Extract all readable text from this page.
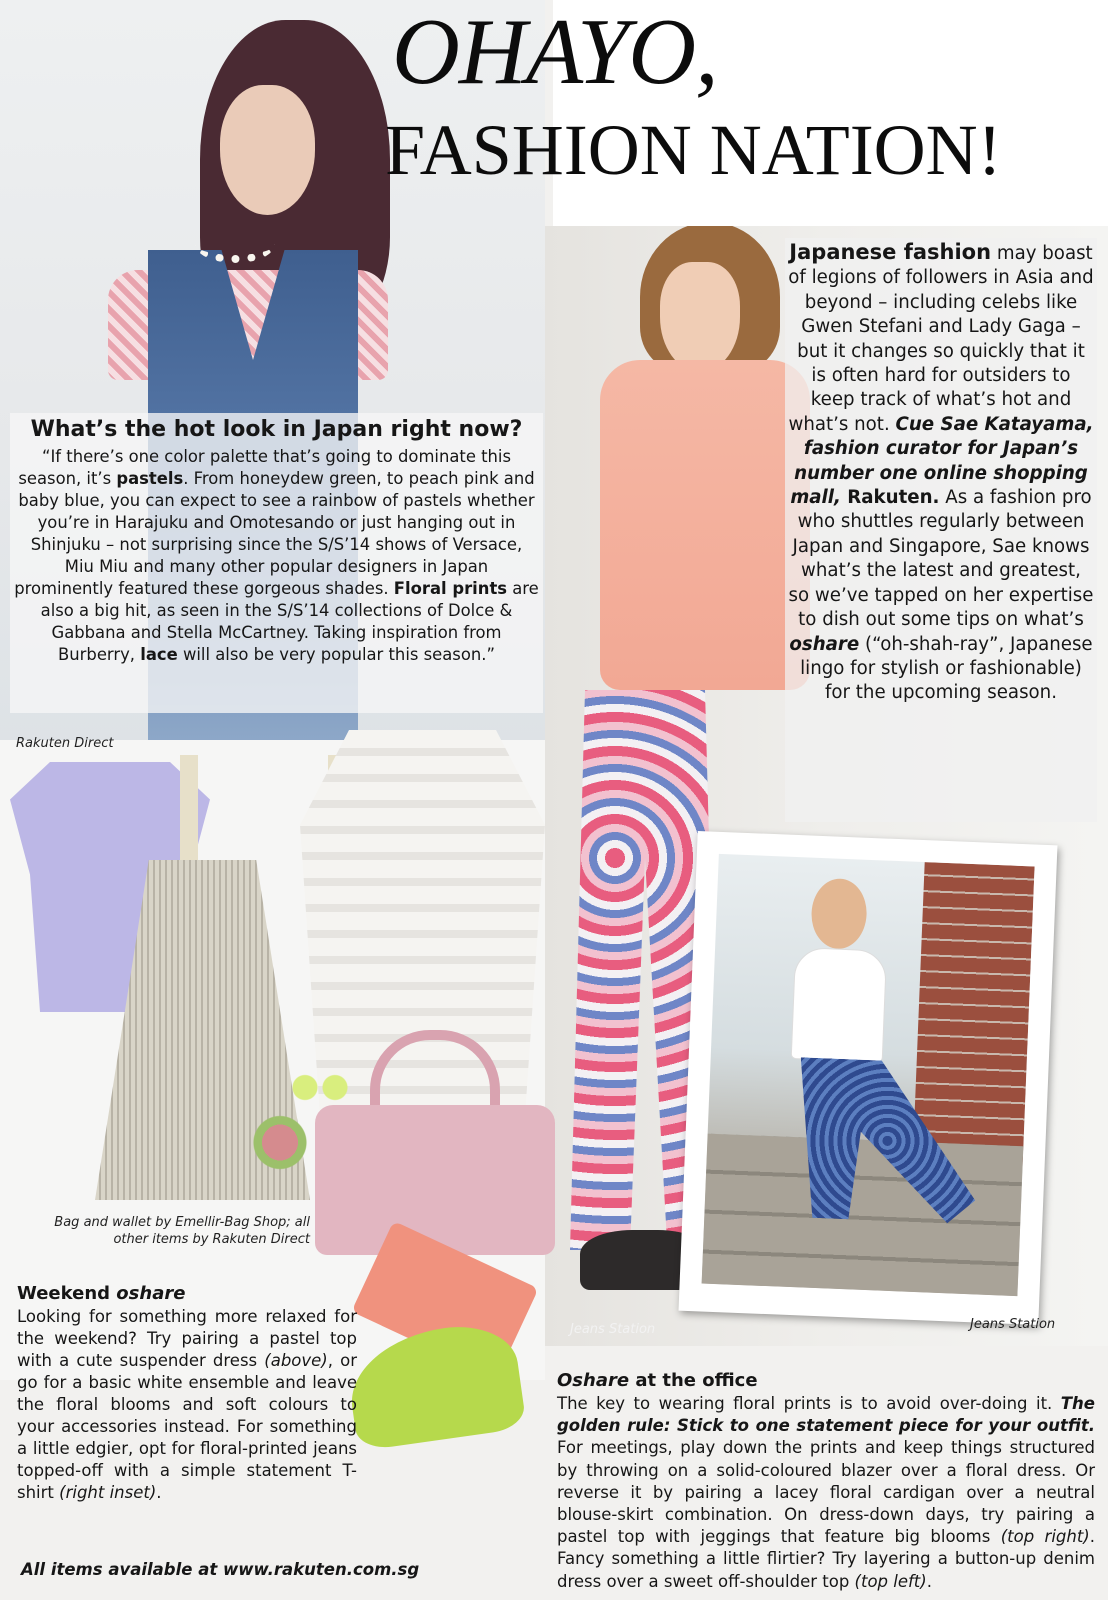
OHAYO,
FASHION NATION!
What’s the hot look in Japan right now?
“If there’s one color palette that’s going to dominate this season, it’s pastels. From honeydew green, to peach pink and baby blue, you can expect to see a rainbow of pastels whether you’re in Harajuku and Omotesando or just hanging out in Shinjuku – not surprising since the S/S’14 shows of Versace, Miu Miu and many other popular designers in Japan prominently featured these gorgeous shades. Floral prints are also a big hit, as seen in the S/S’14 collections of Dolce & Gabbana and Stella McCartney. Taking inspiration from Burberry, lace will also be very popular this season.”
Japanese fashion may boast of legions of followers in Asia and beyond – including celebs like Gwen Stefani and Lady Gaga – but it changes so quickly that it is often hard for outsiders to keep track of what’s hot and what’s not. Cue Sae Katayama, fashion curator for Japan’s number one online shopping mall, Rakuten. As a fashion pro who shuttles regularly between Japan and Singapore, Sae knows what’s the latest and greatest, so we’ve tapped on her expertise to dish out some tips on what’s oshare (“oh-shah-ray”, Japanese lingo for stylish or fashionable) for the upcoming season.
Rakuten Direct
Bag and wallet by Emellir-Bag Shop; all
other items by Rakuten Direct
Jeans Station	Jeans Station
Weekend oshare
Looking for something more relaxed for the weekend? Try pairing a pastel top with a cute suspender dress (above), or go for a basic white ensemble and leave the floral blooms and soft colours to your accessories instead. For something a little edgier, opt for floral-printed jeans topped-off with a simple statement T-shirt (right inset).
Oshare at the office
The key to wearing floral prints is to avoid over-doing it. The golden rule: Stick to one statement piece for your outfit. For meetings, play down the prints and keep things structured by throwing on a solid-coloured blazer over a floral dress. Or reverse it by pairing a lacey floral cardigan over a neutral blouse-skirt combination. On dress-down days, try pairing a pastel top with jeggings that feature big blooms (top right). Fancy something a little flirtier? Try layering a button-up denim dress over a sweet off-shoulder top (top left).
All items available at www.rakuten.com.sg
